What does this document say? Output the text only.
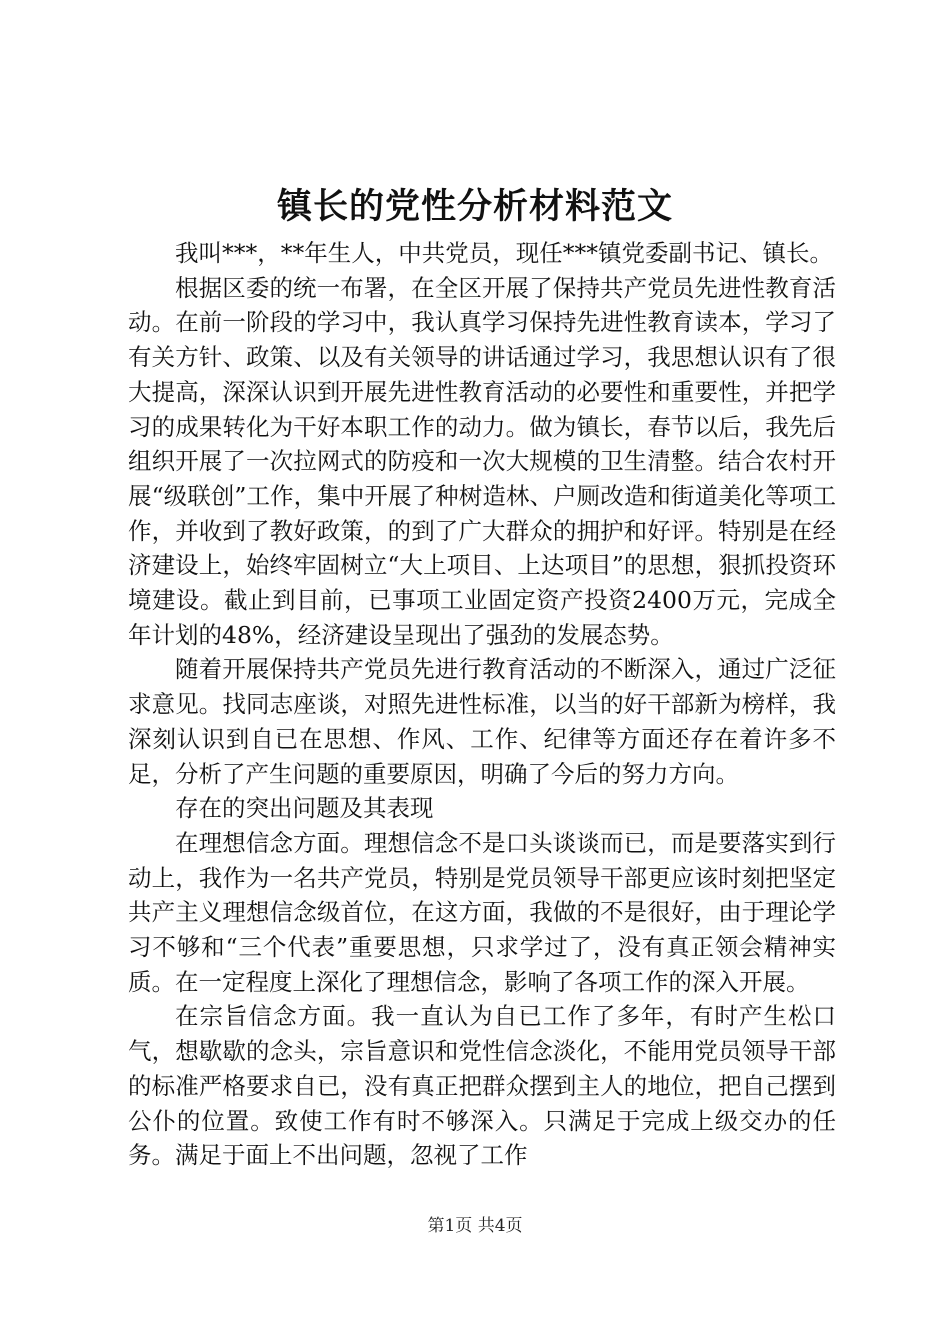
镇长的党性分析材料范文

我叫***，**年生人，中共党员，现任***镇党委副书记、镇长。

根据区委的统一布署，在全区开展了保持共产党员先进性教育活动。在前一阶段的学习中，我认真学习保持先进性教育读本，学习了有关方针、政策、以及有关领导的讲话通过学习，我思想认识有了很大提高，深深认识到开展先进性教育活动的必要性和重要性，并把学习的成果转化为干好本职工作的动力。做为镇长，春节以后，我先后组织开展了一次拉网式的防疫和一次大规模的卫生清整。结合农村开展“级联创”工作，集中开展了种树造林、户厕改造和街道美化等项工作，并收到了教好政策，的到了广大群众的拥护和好评。特别是在经济建设上，始终牢固树立“大上项目、上达项目”的思想，狠抓投资环境建设。截止到目前，已事项工业固定资产投资2400万元，完成全年计划的48%，经济建设呈现出了强劲的发展态势。

随着开展保持共产党员先进行教育活动的不断深入，通过广泛征求意见。找同志座谈，对照先进性标准，以当的好干部新为榜样，我深刻认识到自已在思想、作风、工作、纪律等方面还存在着许多不足，分析了产生问题的重要原因，明确了今后的努力方向。

存在的突出问题及其表现

在理想信念方面。理想信念不是口头谈谈而已，而是要落实到行动上，我作为一名共产党员，特别是党员领导干部更应该时刻把坚定共产主义理想信念级首位，在这方面，我做的不是很好，由于理论学习不够和“三个代表”重要思想，只求学过了，没有真正领会精神实质。在一定程度上深化了理想信念，影响了各项工作的深入开展。

在宗旨信念方面。我一直认为自已工作了多年，有时产生松口气，想歇歇的念头，宗旨意识和党性信念淡化，不能用党员领导干部的标准严格要求自已，没有真正把群众摆到主人的地位，把自己摆到公仆的位置。致使工作有时不够深入。只满足于完成上级交办的任务。满足于面上不出问题，忽视了工作

第1页 共4页
